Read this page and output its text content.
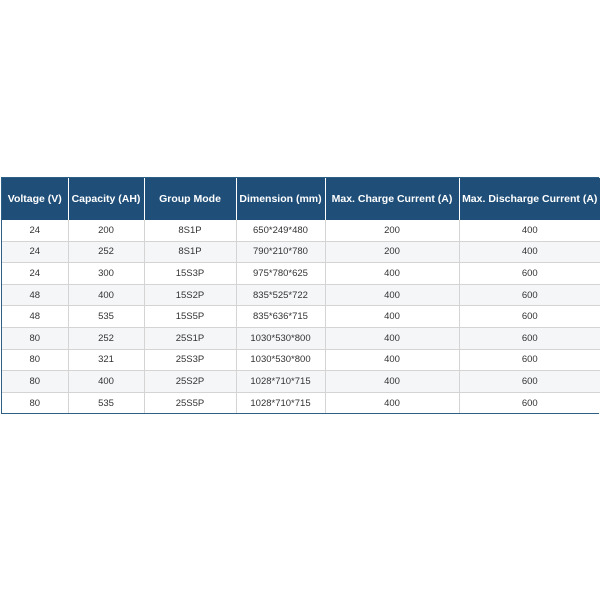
Voltage (V)	Capacity (AH)	Group Mode	Dimension (mm)	Max. Charge Current (A)	Max. Discharge Current (A)
24	200	8S1P	650*249*480	200	400
24	252	8S1P	790*210*780	200	400
24	300	15S3P	975*780*625	400	600
48	400	15S2P	835*525*722	400	600
48	535	15S5P	835*636*715	400	600
80	252	25S1P	1030*530*800	400	600
80	321	25S3P	1030*530*800	400	600
80	400	25S2P	1028*710*715	400	600
80	535	25S5P	1028*710*715	400	600
